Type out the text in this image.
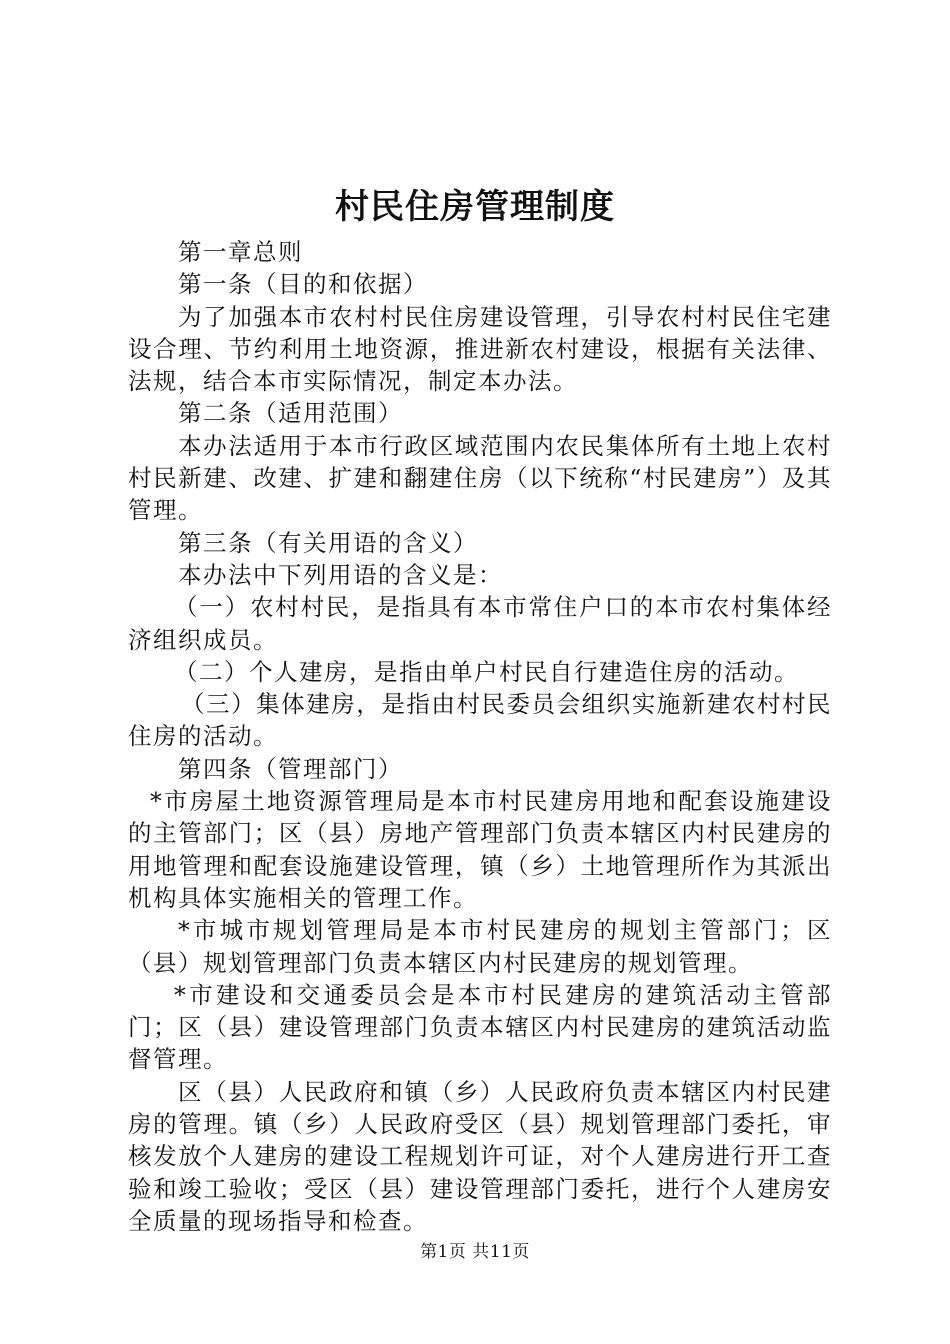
村民住房管理制度

第一章总则

第一条（目的和依据）

为了加强本市农村村民住房建设管理，引导农村村民住宅建设合理、节约利用土地资源，推进新农村建设，根据有关法律、法规，结合本市实际情况，制定本办法。

第二条（适用范围）

本办法适用于本市行政区域范围内农民集体所有土地上农村村民新建、改建、扩建和翻建住房（以下统称“村民建房”）及其管理。

第三条（有关用语的含义）

本办法中下列用语的含义是：

（一）农村村民，是指具有本市常住户口的本市农村集体经济组织成员。

（二）个人建房，是指由单户村民自行建造住房的活动。

（三）集体建房，是指由村民委员会组织实施新建农村村民住房的活动。

第四条（管理部门）

*市房屋土地资源管理局是本市村民建房用地和配套设施建设的主管部门；区（县）房地产管理部门负责本辖区内村民建房的用地管理和配套设施建设管理，镇（乡）土地管理所作为其派出机构具体实施相关的管理工作。

*市城市规划管理局是本市村民建房的规划主管部门；区（县）规划管理部门负责本辖区内村民建房的规划管理。

*市建设和交通委员会是本市村民建房的建筑活动主管部门；区（县）建设管理部门负责本辖区内村民建房的建筑活动监督管理。

区（县）人民政府和镇（乡）人民政府负责本辖区内村民建房的管理。镇（乡）人民政府受区（县）规划管理部门委托，审核发放个人建房的建设工程规划许可证，对个人建房进行开工查验和竣工验收；受区（县）建设管理部门委托，进行个人建房安全质量的现场指导和检查。

第1页 共11页
